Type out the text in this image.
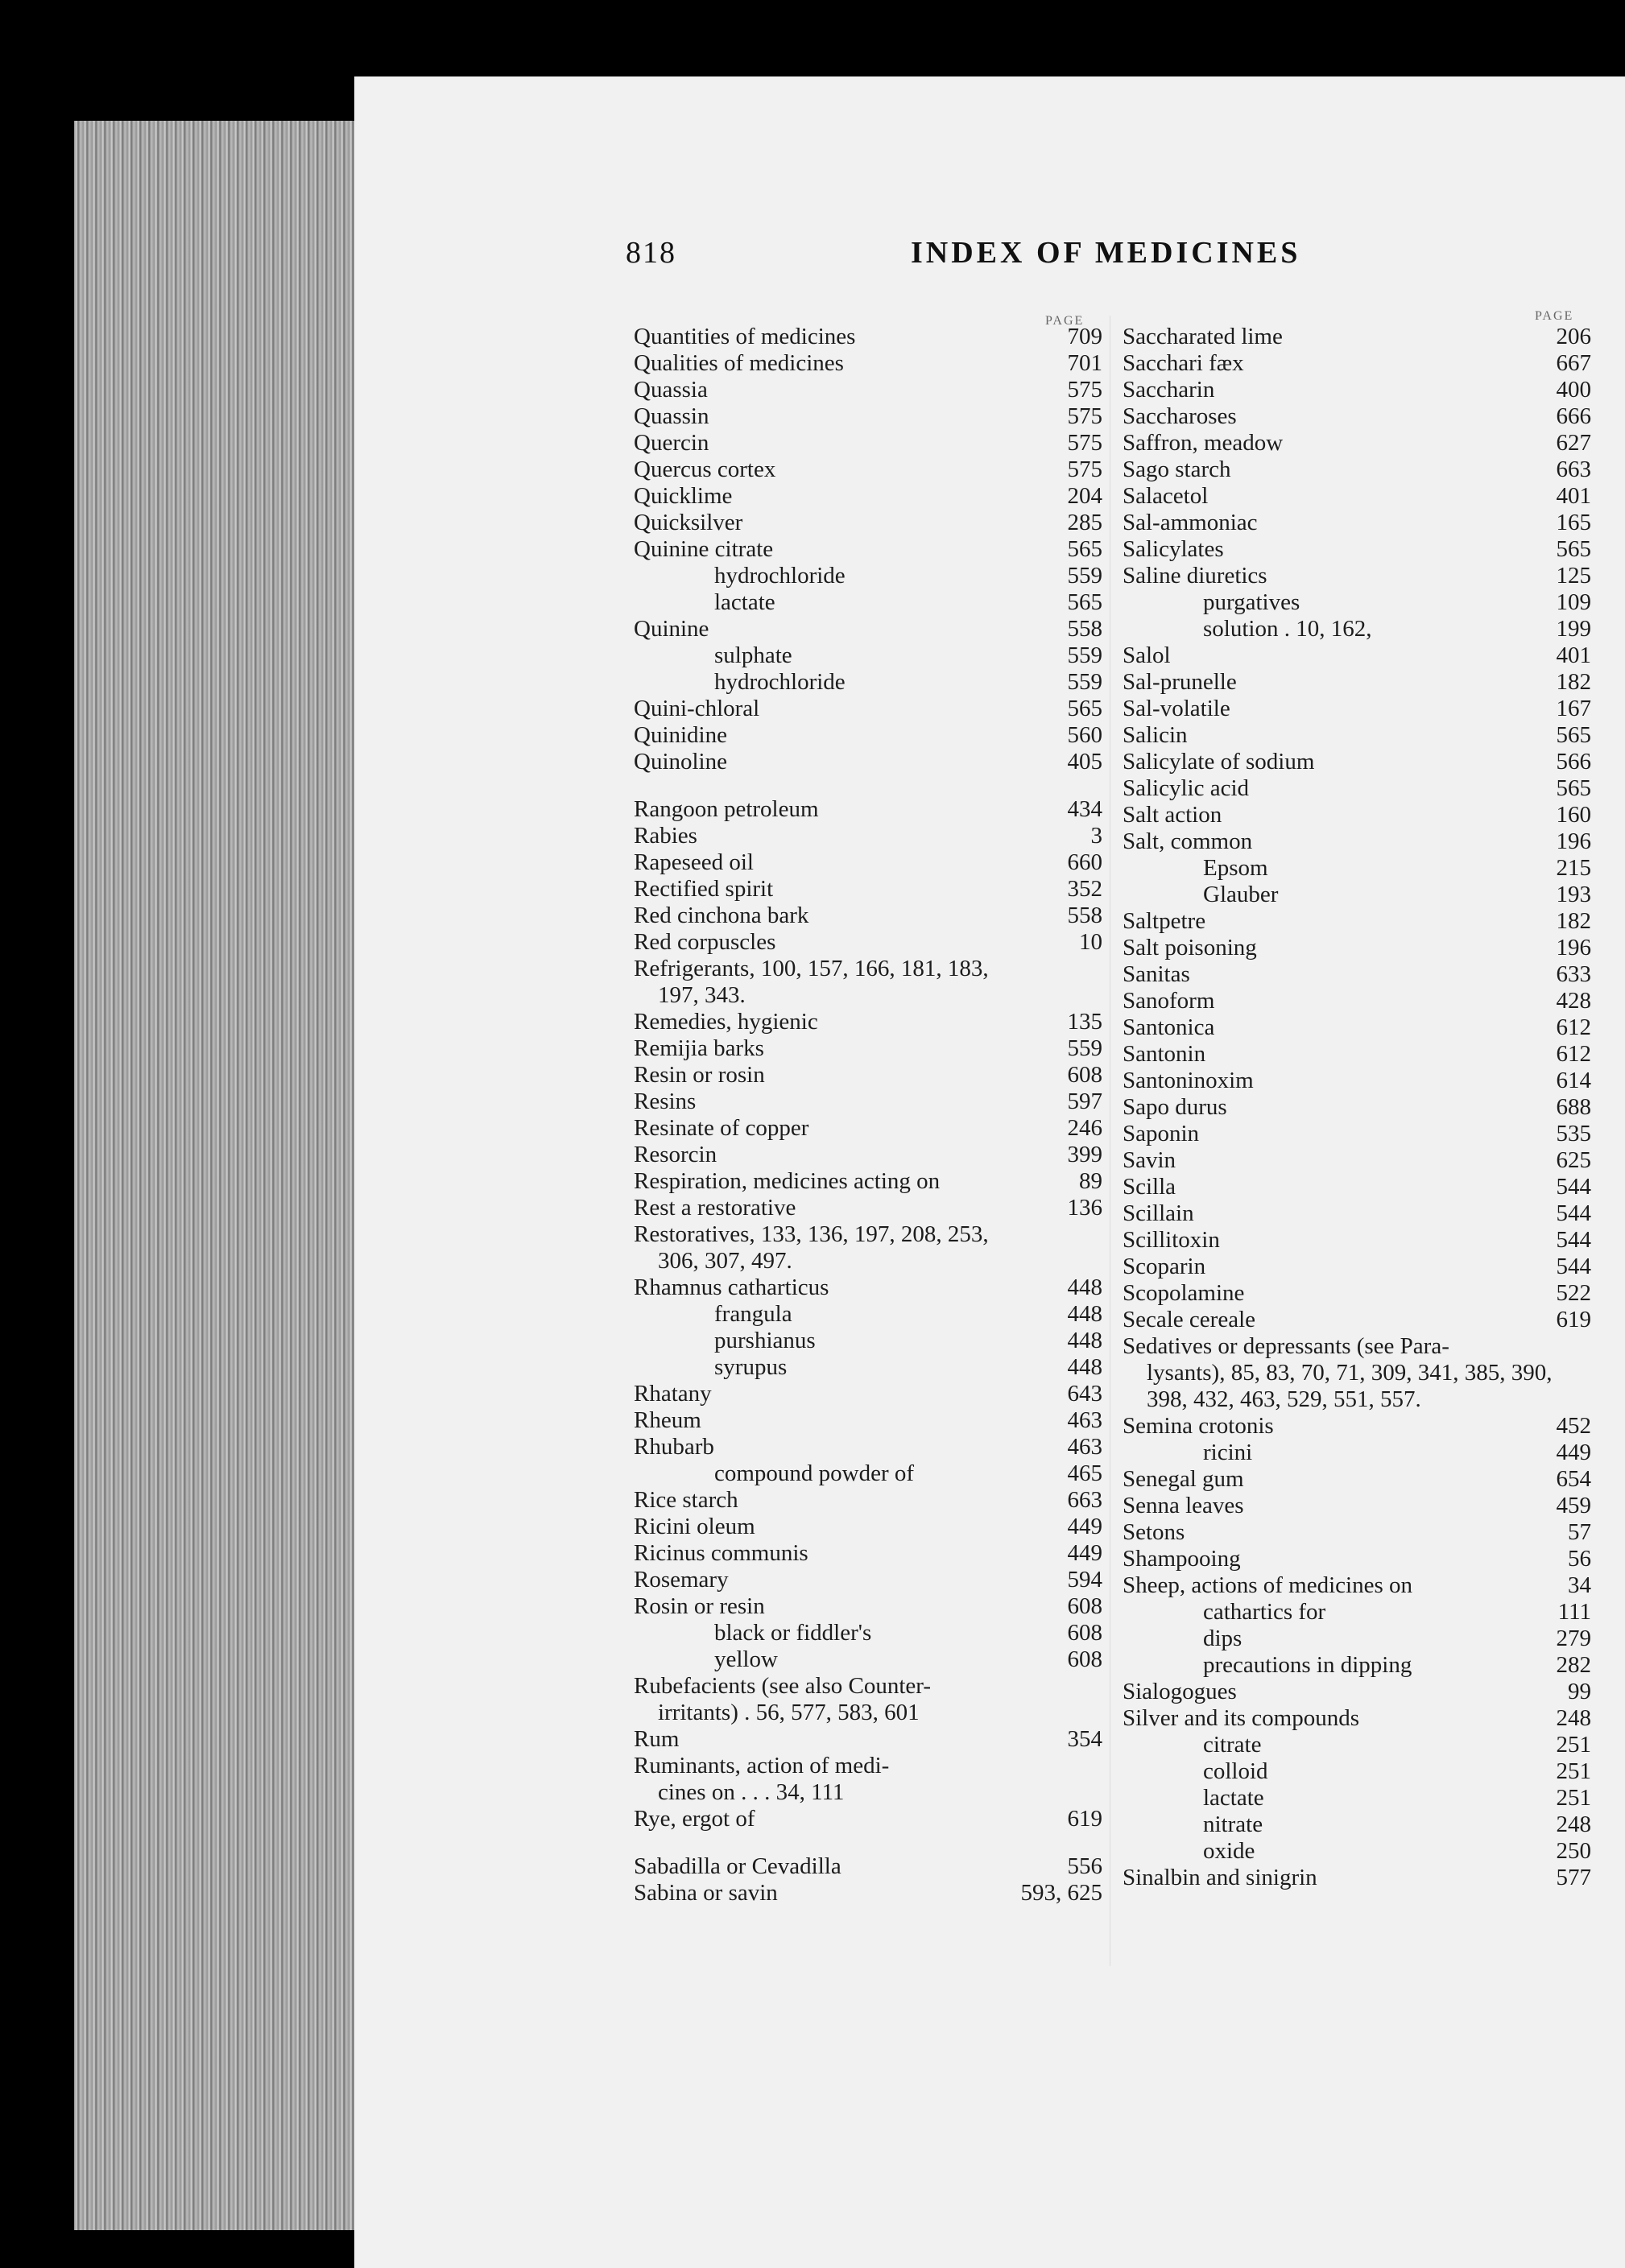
818	INDEX OF MEDICINES
PAGE	PAGE
Quantities of medicines	709
Qualities of medicines	701
Quassia	575
Quassin	575
Quercin	575
Quercus cortex	575
Quicklime	204
Quicksilver	285
Quinine citrate	565
hydrochloride	559
lactate	565
Quinine	558
sulphate	559
hydrochloride	559
Quini-chloral	565
Quinidine	560
Quinoline	405
Rangoon petroleum	434
Rabies	3
Rapeseed oil	660
Rectified spirit	352
Red cinchona bark	558
Red corpuscles	10
Refrigerants, 100, 157, 166, 181, 183,
197, 343.
Remedies, hygienic	135
Remijia barks	559
Resin or rosin	608
Resins	597
Resinate of copper	246
Resorcin	399
Respiration, medicines acting on	89
Rest a restorative	136
Restoratives, 133, 136, 197, 208, 253,
306, 307, 497.
Rhamnus catharticus	448
frangula	448
purshianus	448
syrupus	448
Rhatany	643
Rheum	463
Rhubarb	463
compound powder of	465
Rice starch	663
Ricini oleum	449
Ricinus communis	449
Rosemary	594
Rosin or resin	608
black or fiddler's	608
yellow	608
Rubefacients (see also Counter-
irritants) . 56, 577, 583, 601
Rum	354
Ruminants, action of medi-
cines on . . . 34, 111
Rye, ergot of	619
Sabadilla or Cevadilla	556
Sabina or savin	593, 625
Saccharated lime	206
Sacchari fæx	667
Saccharin	400
Saccharoses	666
Saffron, meadow	627
Sago starch	663
Salacetol	401
Sal-ammoniac	165
Salicylates	565
Saline diuretics	125
purgatives	109
solution . 10, 162,	199
Salol	401
Sal-prunelle	182
Sal-volatile	167
Salicin	565
Salicylate of sodium	566
Salicylic acid	565
Salt action	160
Salt, common	196
Epsom	215
Glauber	193
Saltpetre	182
Salt poisoning	196
Sanitas	633
Sanoform	428
Santonica	612
Santonin	612
Santoninoxim	614
Sapo durus	688
Saponin	535
Savin	625
Scilla	544
Scillain	544
Scillitoxin	544
Scoparin	544
Scopolamine	522
Secale cereale	619
Sedatives or depressants (see Para-
lysants), 85, 83, 70, 71, 309, 341, 385, 390, 398, 432, 463, 529, 551, 557.
Semina crotonis	452
ricini	449
Senegal gum	654
Senna leaves	459
Setons	57
Shampooing	56
Sheep, actions of medicines on	34
cathartics for	111
dips	279
precautions in dipping	282
Sialogogues	99
Silver and its compounds	248
citrate	251
colloid	251
lactate	251
nitrate	248
oxide	250
Sinalbin and sinigrin	577
